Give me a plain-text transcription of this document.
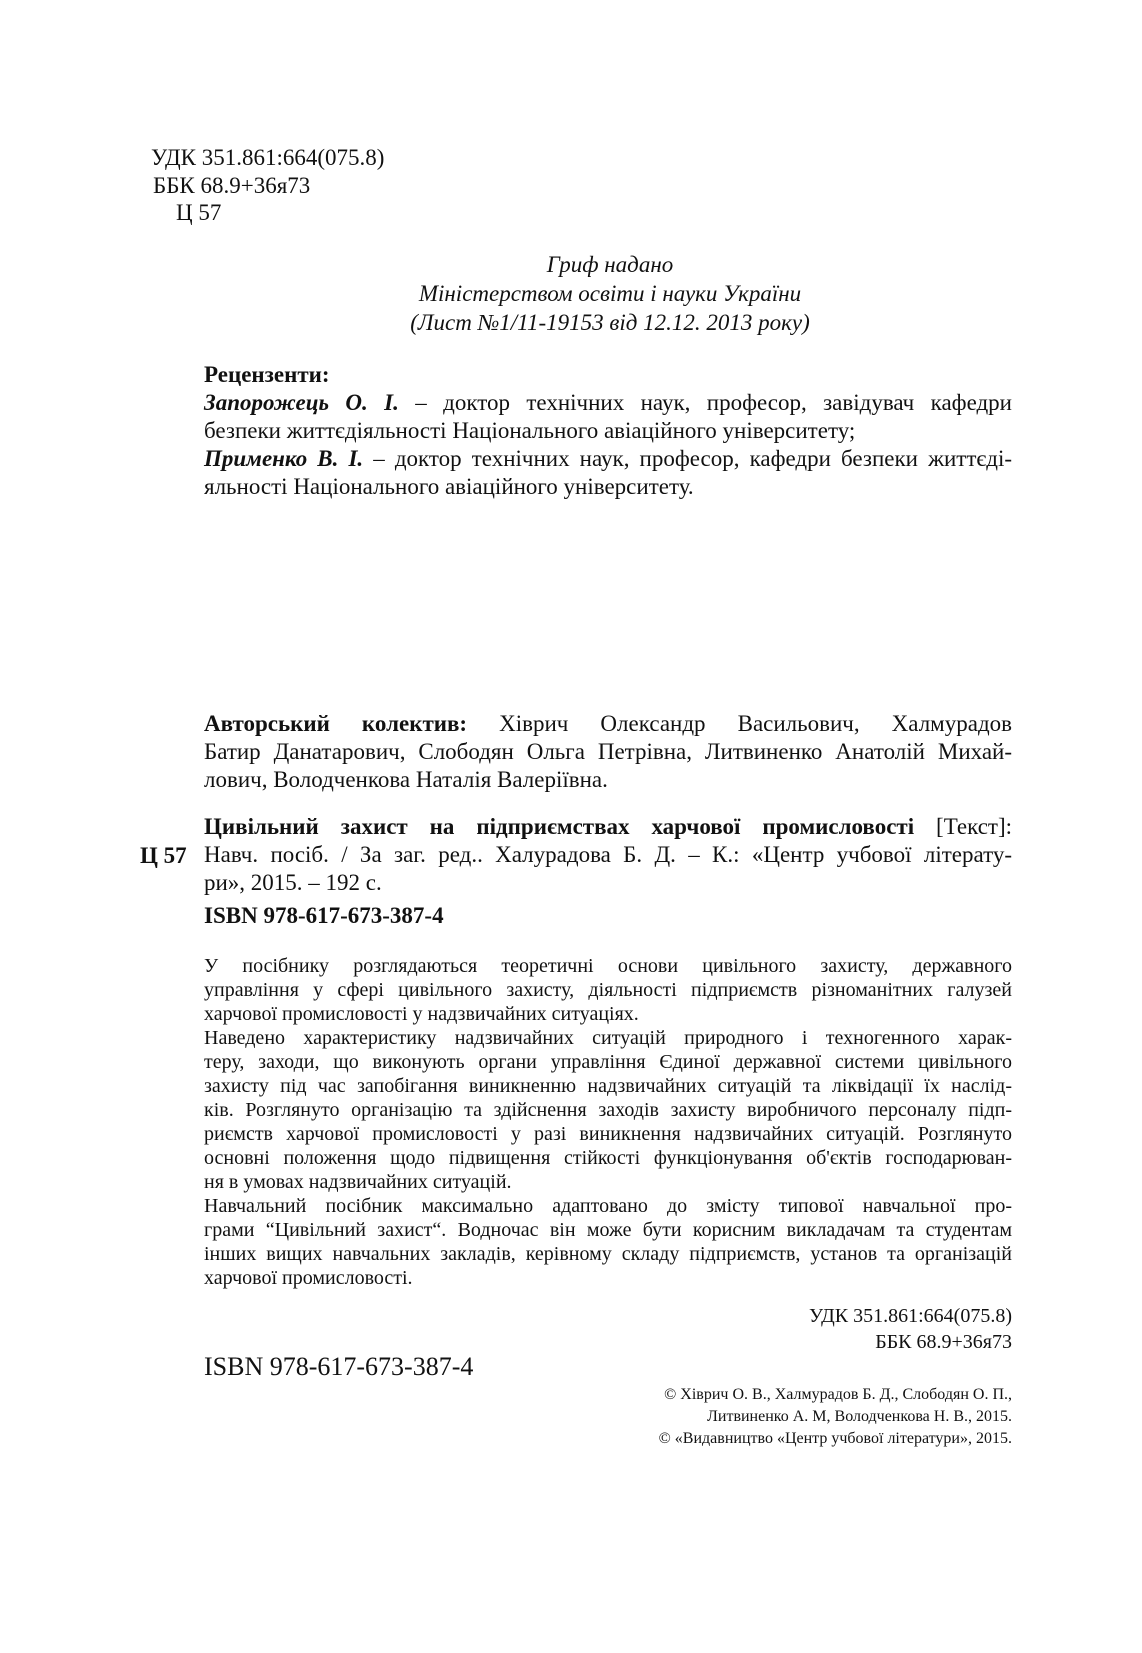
УДК 351.861:664(075.8)
ББК 68.9+36я73
Ц 57
Гриф надано
Міністерством освіти і науки України
(Лист №1/11-19153 від 12.12. 2013 року)
Рецензенти:
Запорожець О. І. – доктор технічних наук, професор, завідувач кафедри
безпеки життєдіяльності Національного авіаційного університету;
Применко В. І. – доктор технічних наук, професор, кафедри безпеки життєді-
яльності Національного авіаційного університету.
Авторський колектив: Хіврич Олександр Васильович, Халмурадов
Батир Данатарович, Слободян Ольга Петрівна, Литвиненко Анатолій Михай-
лович, Володченкова Наталія Валеріївна.
Ц 57
Цивільний захист на підприємствах харчової промисловості [Текст]:
Навч. посіб. / За заг. ред.. Халурадова Б. Д. – К.: «Центр учбової літерату-
ри», 2015. – 192 с.
ISBN 978-617-673-387-4

У посібнику розглядаються теоретичні основи цивільного захисту, державного
управління у сфері цивільного захисту, діяльності підприємств різноманітних галузей
харчової промисловості у надзвичайних ситуаціях.

Наведено характеристику надзвичайних ситуацій природного і техногенного харак-
теру, заходи, що виконують органи управління Єдиної державної системи цивільного
захисту під час запобігання виникненню надзвичайних ситуацій та ліквідації їх наслід-
ків. Розглянуто організацію та здійснення заходів захисту виробничого персоналу підп-
риємств харчової промисловості у разі виникнення надзвичайних ситуацій. Розглянуто
основні положення щодо підвищення стійкості функціонування об'єктів господарюван-
ня в умовах надзвичайних ситуацій.

Навчальний посібник максимально адаптовано до змісту типової навчальної про-
грами “Цивільний захист“. Водночас він може бути корисним викладачам та студентам
інших вищих навчальних закладів, керівному складу підприємств, установ та організацій
харчової промисловості.

УДК 351.861:664(075.8)
ББК 68.9+36я73
ISBN 978-617-673-387-4
© Хіврич О. В., Халмурадов Б. Д., Слободян О. П.,
Литвиненко А. М, Володченкова Н. В., 2015.
© «Видавництво «Центр учбової літератури», 2015.
